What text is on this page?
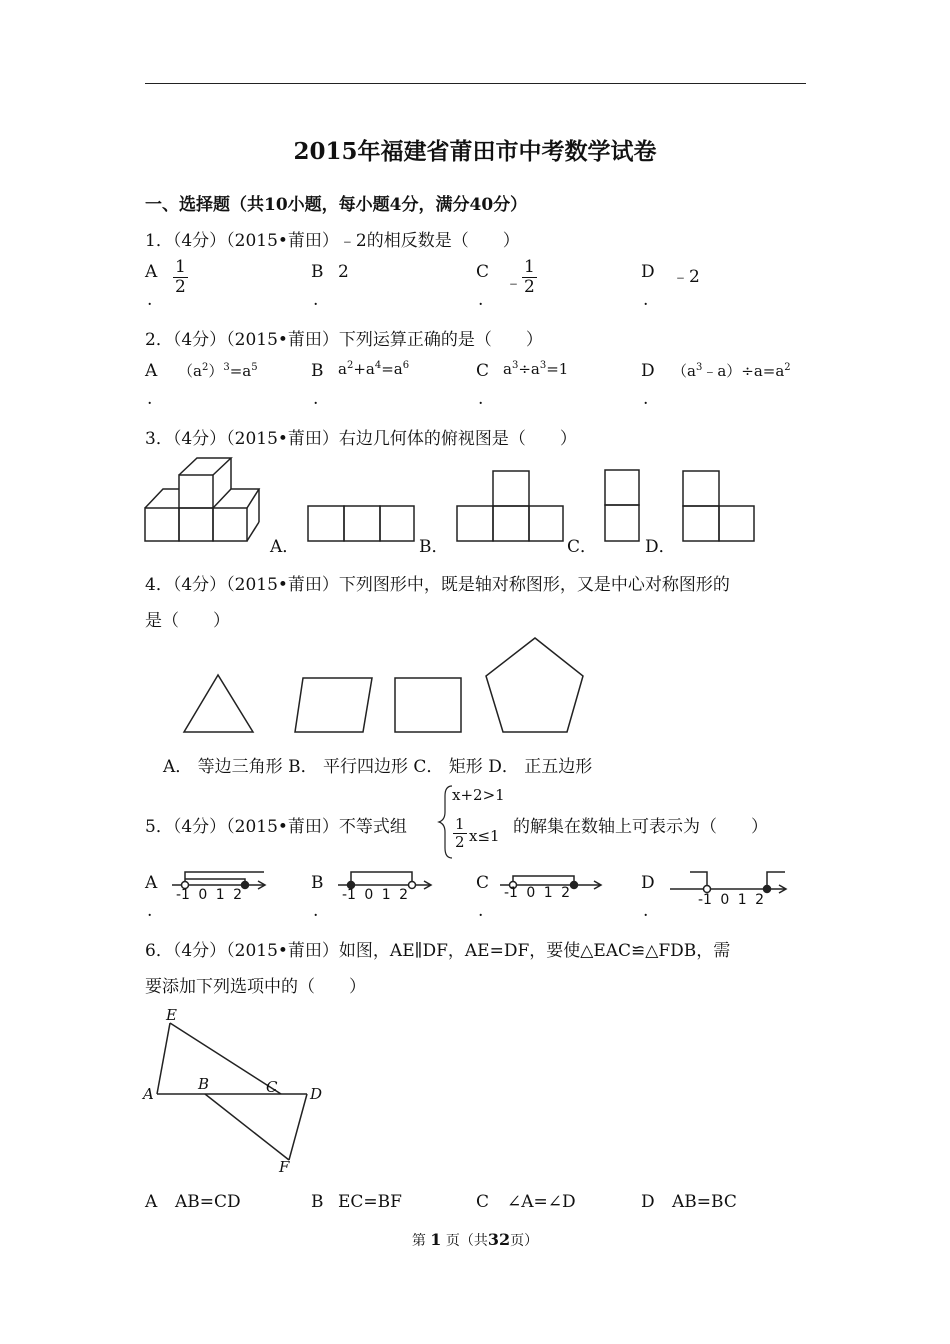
2015年福建省莆田市中考数学试卷
一、选择题（共10小题，每小题4分，满分40分）
1．（4分）（2015•莆田）﹣2的相反数是（　　）
A
.
$\frac{1}{2}$	B
.
2	C
.
﹣ $\frac{1}{2}$	D
.
﹣2
2．（4分）（2015•莆田）下列运算正确的是（　　）
A
.
$(a^2)^3=a^5$	B
.
$a^2+a^4=a^6$	C
.
$a^3\div a^3=1$	D
.
$(a^3﹣a)\div a=a^2$
3．（4分）（2015•莆田）右边几何体的俯视图是（　　）
A．	B．	C．	D．
4．（4分）（2015•莆田）下列图形中，既是轴对称图形，又是中心对称图形的
是（　　）
A． 等边三角形 B． 平行四边形 C． 矩形 D． 正五边形
5．（4分）（2015•莆田）不等式组
x+2>1
$\frac{1}{2} x\le 1$ 的解集在数轴上可表示为（　　）
A
.
B
.
C
.
D
.
-1 0 1 2	-1 0 1 2	-1 0 1 2	-1 0 1 2
6．（4分）（2015•莆田）如图，AE∥DF，AE=DF，要使△EAC≌△FDB，需
要添加下列选项中的（　　）
E
A
B	C D
F
A AB=CD	B EC=BF	C ∠A=∠D	D AB=BC
第 1 页（共32页）
